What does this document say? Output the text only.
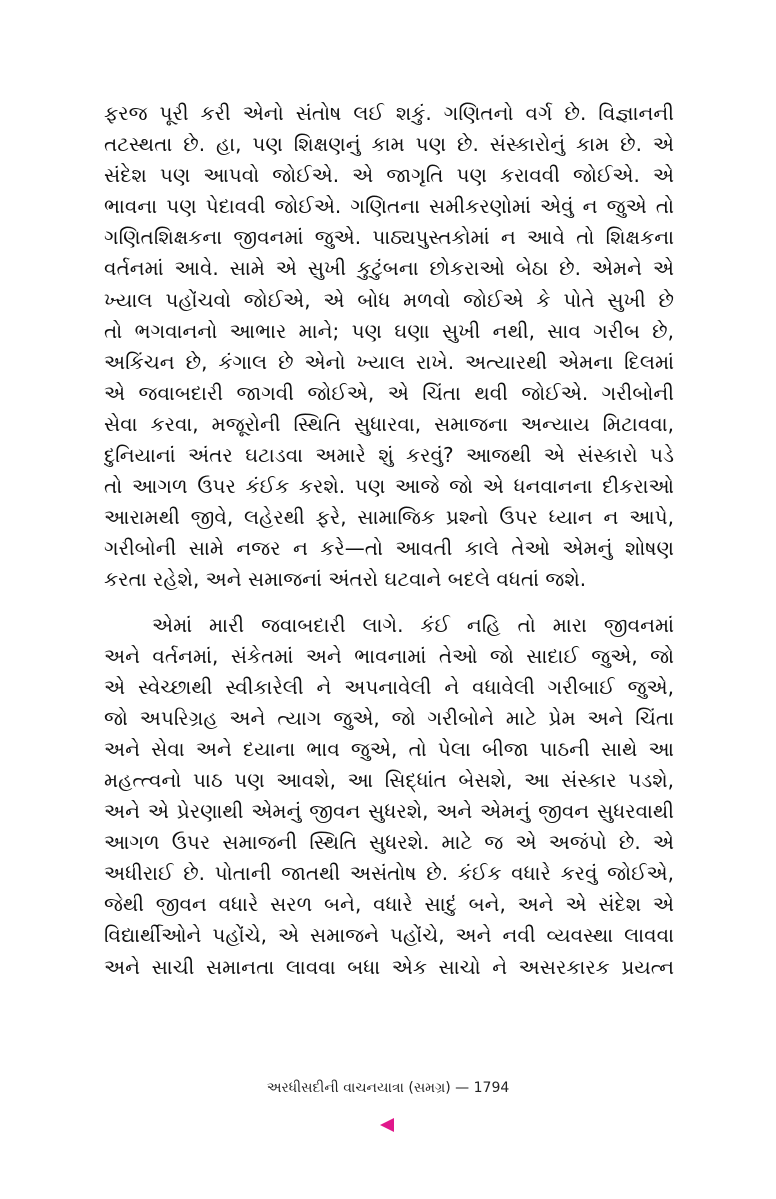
ફરજ પૂરી કરી એનો સંતોષ લઈ શકું. ગણિતનો વર્ગ છે. વિજ્ઞાનની
તટસ્થતા છે. હા, પણ શિક્ષણનું કામ પણ છે. સંસ્કારોનું કામ છે. એ
સંદેશ પણ આપવો જોઈએ. એ જાગૃતિ પણ કરાવવી જોઈએ. એ
ભાવના પણ પેદાવવી જોઈએ. ગણિતના સમીકરણોમાં એવું ન જુએ તો
ગણિતશિક્ષકના જીવનમાં જુએ. પાઠ્યપુસ્તકોમાં ન આવે તો શિક્ષકના
વર્તનમાં આવે. સામે એ સુખી કુટુંબના છોકરાઓ બેઠા છે. એમને એ
ખ્યાલ પહોંચવો જોઈએ, એ બોધ મળવો જોઈએ કે પોતે સુખી છે
તો ભગવાનનો આભાર માને; પણ ઘણા સુખી નથી, સાવ ગરીબ છે,
અકિંચન છે, કંગાલ છે એનો ખ્યાલ રાખે. અત્યારથી એમના દિલમાં
એ જવાબદારી જાગવી જોઈએ, એ ચિંતા થવી જોઈએ. ગરીબોની
સેવા કરવા, મજૂરોની સ્થિતિ સુધારવા, સમાજના અન્યાય મિટાવવા,
દુનિયાનાં અંતર ઘટાડવા અમારે શું કરવું? આજથી એ સંસ્કારો પડે
તો આગળ ઉપર કંઈક કરશે. પણ આજે જો એ ધનવાનના દીકરાઓ
આરામથી જીવે, લહેરથી ફરે, સામાજિક પ્રશ્નો ઉપર ધ્યાન ન આપે,
ગરીબોની સામે નજર ન કરે—તો આવતી કાલે તેઓ એમનું શોષણ
કરતા રહેશે, અને સમાજનાં અંતરો ઘટવાને બદલે વધતાં જશે.
એમાં મારી જવાબદારી લાગે. કંઈ નહિ તો મારા જીવનમાં
અને વર્તનમાં, સંકેતમાં અને ભાવનામાં તેઓ જો સાદાઈ જુએ, જો
એ સ્વેચ્છાથી સ્વીકારેલી ને અપનાવેલી ને વધાવેલી ગરીબાઈ જુએ,
જો અપરિગ્રહ અને ત્યાગ જુએ, જો ગરીબોને માટે પ્રેમ અને ચિંતા
અને સેવા અને દયાના ભાવ જુએ, તો પેલા બીજા પાઠની સાથે આ
મહત્ત્વનો પાઠ પણ આવશે, આ સિદ્ધાંત બેસશે, આ સંસ્કાર પડશે,
અને એ પ્રેરણાથી એમનું જીવન સુધરશે, અને એમનું જીવન સુધરવાથી
આગળ ઉપર સમાજની સ્થિતિ સુધરશે. માટે જ એ અજંપો છે. એ
અધીરાઈ છે. પોતાની જાતથી અસંતોષ છે. કંઈક વધારે કરવું જોઈએ,
જેથી જીવન વધારે સરળ બને, વધારે સાદું બને, અને એ સંદેશ એ
વિદ્યાર્થીઓને પહોંચે, એ સમાજને પહોંચે, અને નવી વ્યવસ્થા લાવવા
અને સાચી સમાનતા લાવવા બધા એક સાચો ને અસરકારક પ્રયત્ન
અરધીસદીની વાચનયાત્રા (સમગ્ર) — 1794
